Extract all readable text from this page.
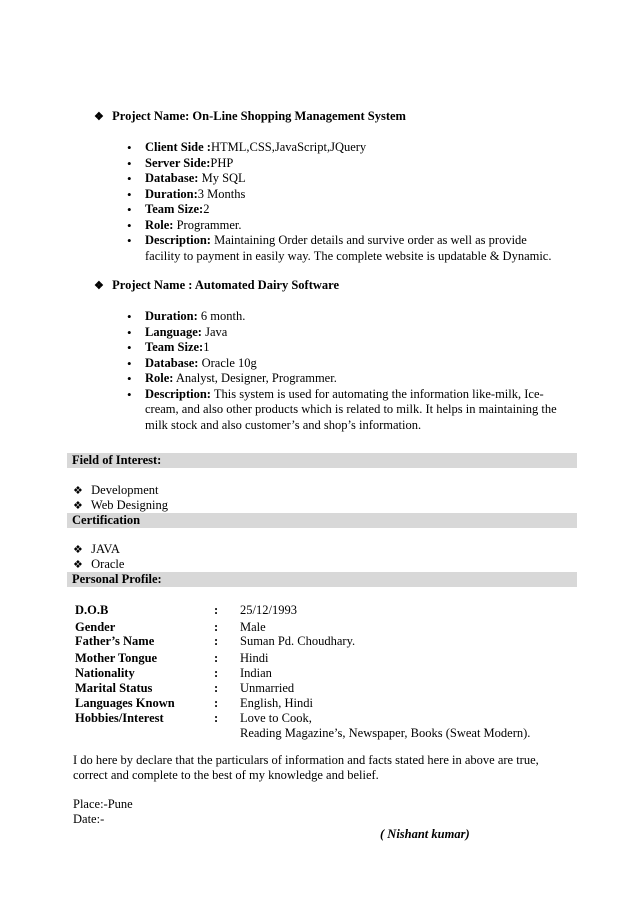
❖ Project Name: On-Line Shopping Management System
• Client Side :HTML,CSS,JavaScript,JQuery
• Server Side:PHP
• Database: My SQL
• Duration:3 Months
• Team Size:2
• Role: Programmer.
• Description: Maintaining Order details and survive order as well as provide
facility to payment in easily way. The complete website is updatable & Dynamic.
❖ Project Name : Automated Dairy Software
• Duration: 6 month.
• Language: Java
• Team Size:1
• Database: Oracle 10g
• Role: Analyst, Designer, Programmer.
• Description: This system is used for automating the information like-milk, Ice-
cream, and also other products which is related to milk. It helps in maintaining the
milk stock and also customer’s and shop’s information.
Field of Interest:
❖ Development
❖ Web Designing
Certification
❖ JAVA
❖ Oracle
Personal Profile:
D.O.B	: 25/12/1993
Gender	: Male
Father’s Name	: Suman Pd. Choudhary.
Mother Tongue	: Hindi
Nationality	: Indian
Marital Status	: Unmarried
Languages Known	: English, Hindi
Hobbies/Interest	: Love to Cook,
Reading Magazine’s, Newspaper, Books (Sweat Modern).
I do here by declare that the particulars of information and facts stated here in above are true,
correct and complete to the best of my knowledge and belief.
Place:-Pune
Date:-
( Nishant kumar)
